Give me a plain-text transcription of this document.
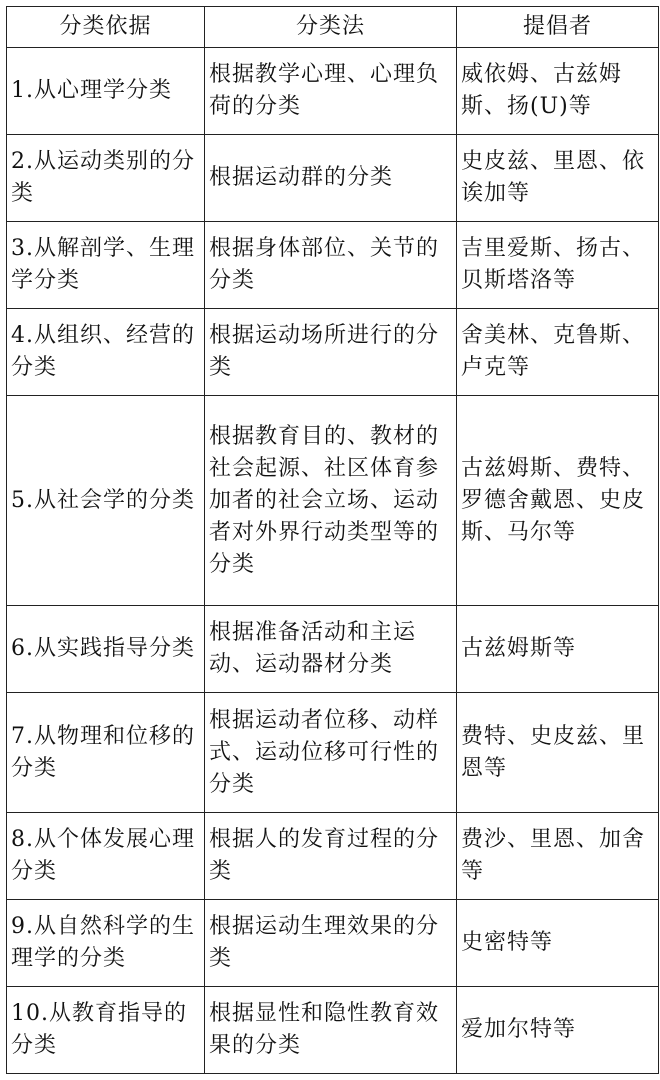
分类依据	分类法	提倡者
1.从心理学分类	根据教学心理、心理负荷的分类	威依姆、古兹姆斯、扬(U)等
2.从运动类别的分类	根据运动群的分类	史皮兹、里恩、依诶加等
3.从解剖学、生理学分类	根据身体部位、关节的分类	吉里爱斯、扬古、贝斯塔洛等
4.从组织、经营的分类	根据运动场所进行的分类	舍美林、克鲁斯、卢克等
5.从社会学的分类	根据教育目的、教材的社会起源、社区体育参加者的社会立场、运动者对外界行动类型等的分类	古兹姆斯、费特、罗德舍戴恩、史皮斯、马尔等
6.从实践指导分类	根据准备活动和主运动、运动器材分类	古兹姆斯等
7.从物理和位移的分类	根据运动者位移、动样式、运动位移可行性的分类	费特、史皮兹、里恩等
8.从个体发展心理分类	根据人的发育过程的分类	费沙、里恩、加舍等
9.从自然科学的生理学的分类	根据运动生理效果的分类	史密特等
10.从教育指导的分类	根据显性和隐性教育效果的分类	爱加尔特等
